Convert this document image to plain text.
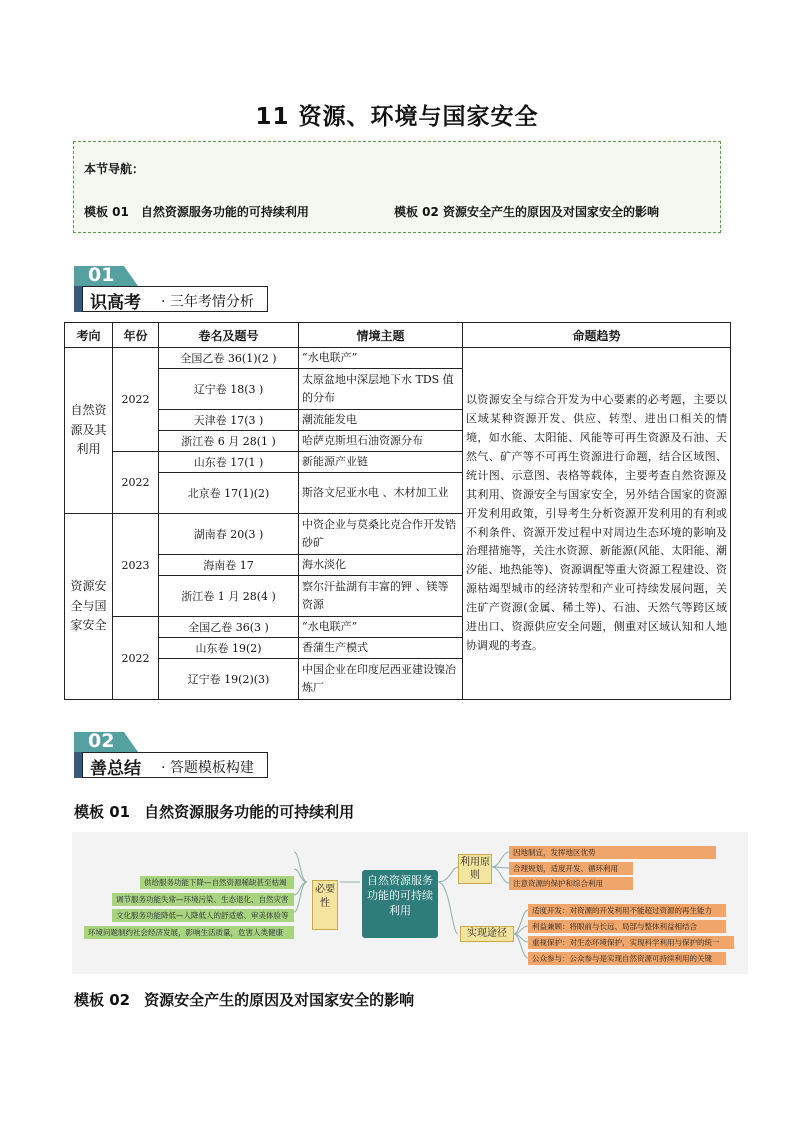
11 资源、环境与国家安全
本节导航：
模板 01　自然资源服务功能的可持续利用	模板 02 资源安全产生的原因及对国家安全的影响
01
识高考 · 三年考情分析
考向	年份	卷名及题号	情境主题	命题趋势
自然资源及其利用	2022	全国乙卷 36(1)(2 )	“水电联产”	以资源安全与综合开发为中心要素的必考题，主要以区域某种资源开发、供应、转型、进出口相关的情境，如水能、太阳能、风能等可再生资源及石油、天然气、矿产等不可再生资源进行命题，结合区域图、统计图、示意图、表格等载体，主要考查自然资源及其利用、资源安全与国家安全，另外结合国家的资源开发利用政策，引导考生分析资源开发利用的有利或不利条件、资源开发过程中对周边生态环境的影响及治理措施等，关注水资源、新能源(风能、太阳能、潮汐能、地热能等)、资源调配等重大资源工程建设、资源枯竭型城市的经济转型和产业可持续发展问题，关注矿产资源(金属、稀土等)、石油、天然气等跨区域进出口、资源供应安全问题，侧重对区域认知和人地协调观的考查。
		辽宁卷 18(3 )	太原盆地中深层地下水 TDS 值的分布	
		天津卷 17(3 )	潮流能发电	
		浙江卷 6 月 28(1 )	哈萨克斯坦石油资源分布	
	2022	山东卷 17(1 )	新能源产业链	
		北京卷 17(1)(2)	斯洛文尼亚水电 、木材加工业	
资源安全与国家安全	2023	湖南春 20(3 )	中资企业与莫桑比克合作开发锆砂矿	
		海南卷 17	海水淡化	
		浙江卷 1 月 28(4 )	察尔汗盐湖有丰富的钾 、镁等资源	
	2022	全国乙卷 36(3 )	“水电联产”	
		山东卷 19(2)	香蒲生产模式	
		辽宁卷 19(2)(3)	中国企业在印度尼西亚建设镍冶炼厂	
02
善总结 · 答题模板构建
模板 01 自然资源服务功能的可持续利用
供给服务功能下降—自然资源稀缺甚至枯竭
调节服务功能失常—环境污染、生态退化、自然灾害
文化服务功能降低—人降低人的舒适感、审美体验等
环境问题制约社会经济发展，影响生活质量，危害人类健康
必要性
自然资源服务功能的可持续利用
利用原则
实现途径
因地制宜，发挥地区优势
合理规划，适度开发、循环利用
注意资源的保护和综合利用
适度开发：对资源的开发利用不能超过资源的再生能力
利益兼顾：将眼前与长远、局部与整体利益相结合
重视保护：对生态环境保护，实现科学利用与保护的统一
公众参与：公众参与是实现自然资源可持续利用的关键
模板 02 资源安全产生的原因及对国家安全的影响
